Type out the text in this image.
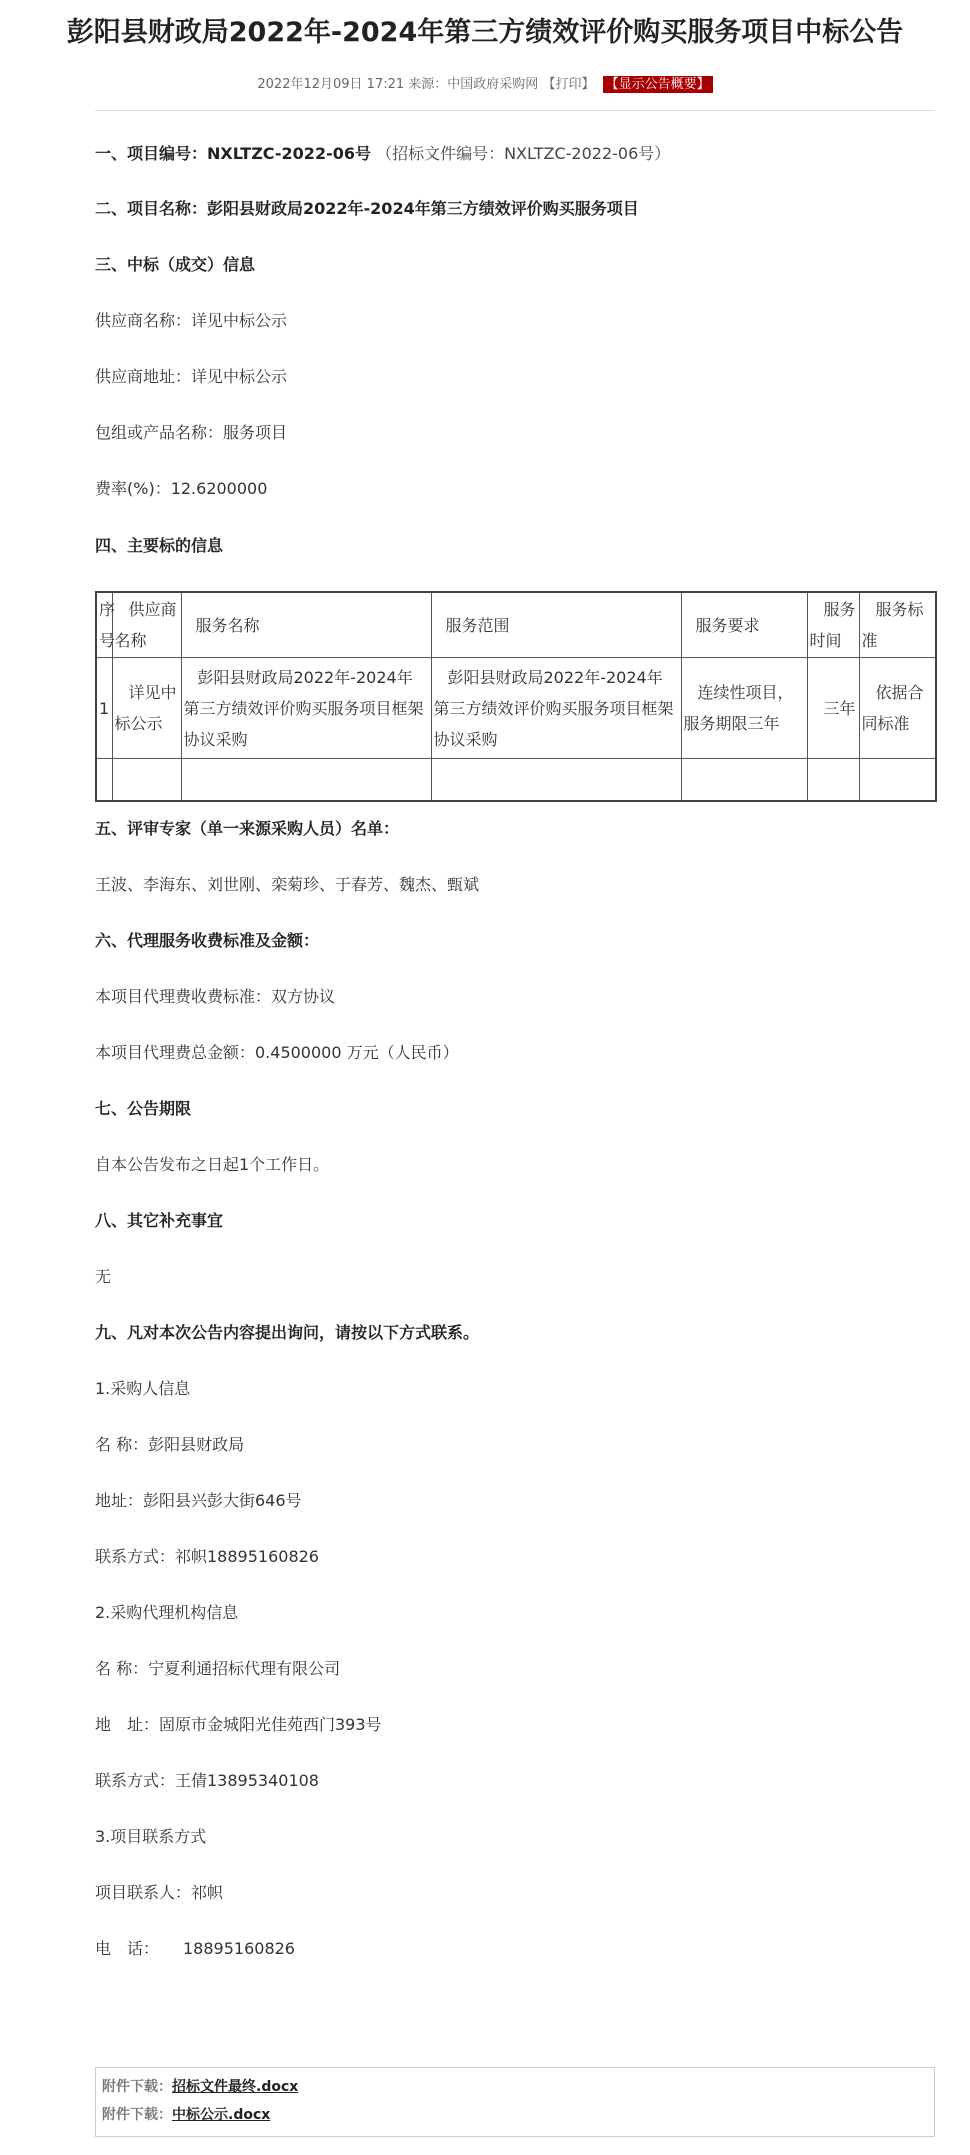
彭阳县财政局2022年-2024年第三方绩效评价购买服务项目中标公告
2022年12月09日 17:21 来源：中国政府采购网 【打印】 【显示公告概要】
一、项目编号：NXLTZC-2022-06号 （招标文件编号：NXLTZC-2022-06号）
二、项目名称：彭阳县财政局2022年-2024年第三方绩效评价购买服务项目
三、中标（成交）信息
供应商名称：详见中标公示
供应商地址：详见中标公示
包组或产品名称：服务项目
费率(%)：12.6200000
四、主要标的信息
序号	供应商名称	服务名称	服务范围	服务要求	服务时间	服务标准
1	详见中标公示	彭阳县财政局2022年-2024年第三方绩效评价购买服务项目框架协议采购	彭阳县财政局2022年-2024年第三方绩效评价购买服务项目框架协议采购	连续性项目，服务期限三年	三年	依据合同标准

五、评审专家（单一来源采购人员）名单：
王波、李海东、刘世刚、栾菊珍、于春芳、魏杰、甄斌
六、代理服务收费标准及金额：
本项目代理费收费标准：双方协议
本项目代理费总金额：0.4500000 万元（人民币）
七、公告期限
自本公告发布之日起1个工作日。
八、其它补充事宜
无
九、凡对本次公告内容提出询问，请按以下方式联系。
1.采购人信息
名 称：彭阳县财政局
地址：彭阳县兴彭大街646号
联系方式：祁帜18895160826
2.采购代理机构信息
名 称：宁夏利通招标代理有限公司
地　址：固原市金城阳光佳苑西门393号
联系方式：王倩13895340108
3.项目联系方式
项目联系人：祁帜
电　话：　　18895160826
附件下载：招标文件最终.docx
附件下载：中标公示.docx
